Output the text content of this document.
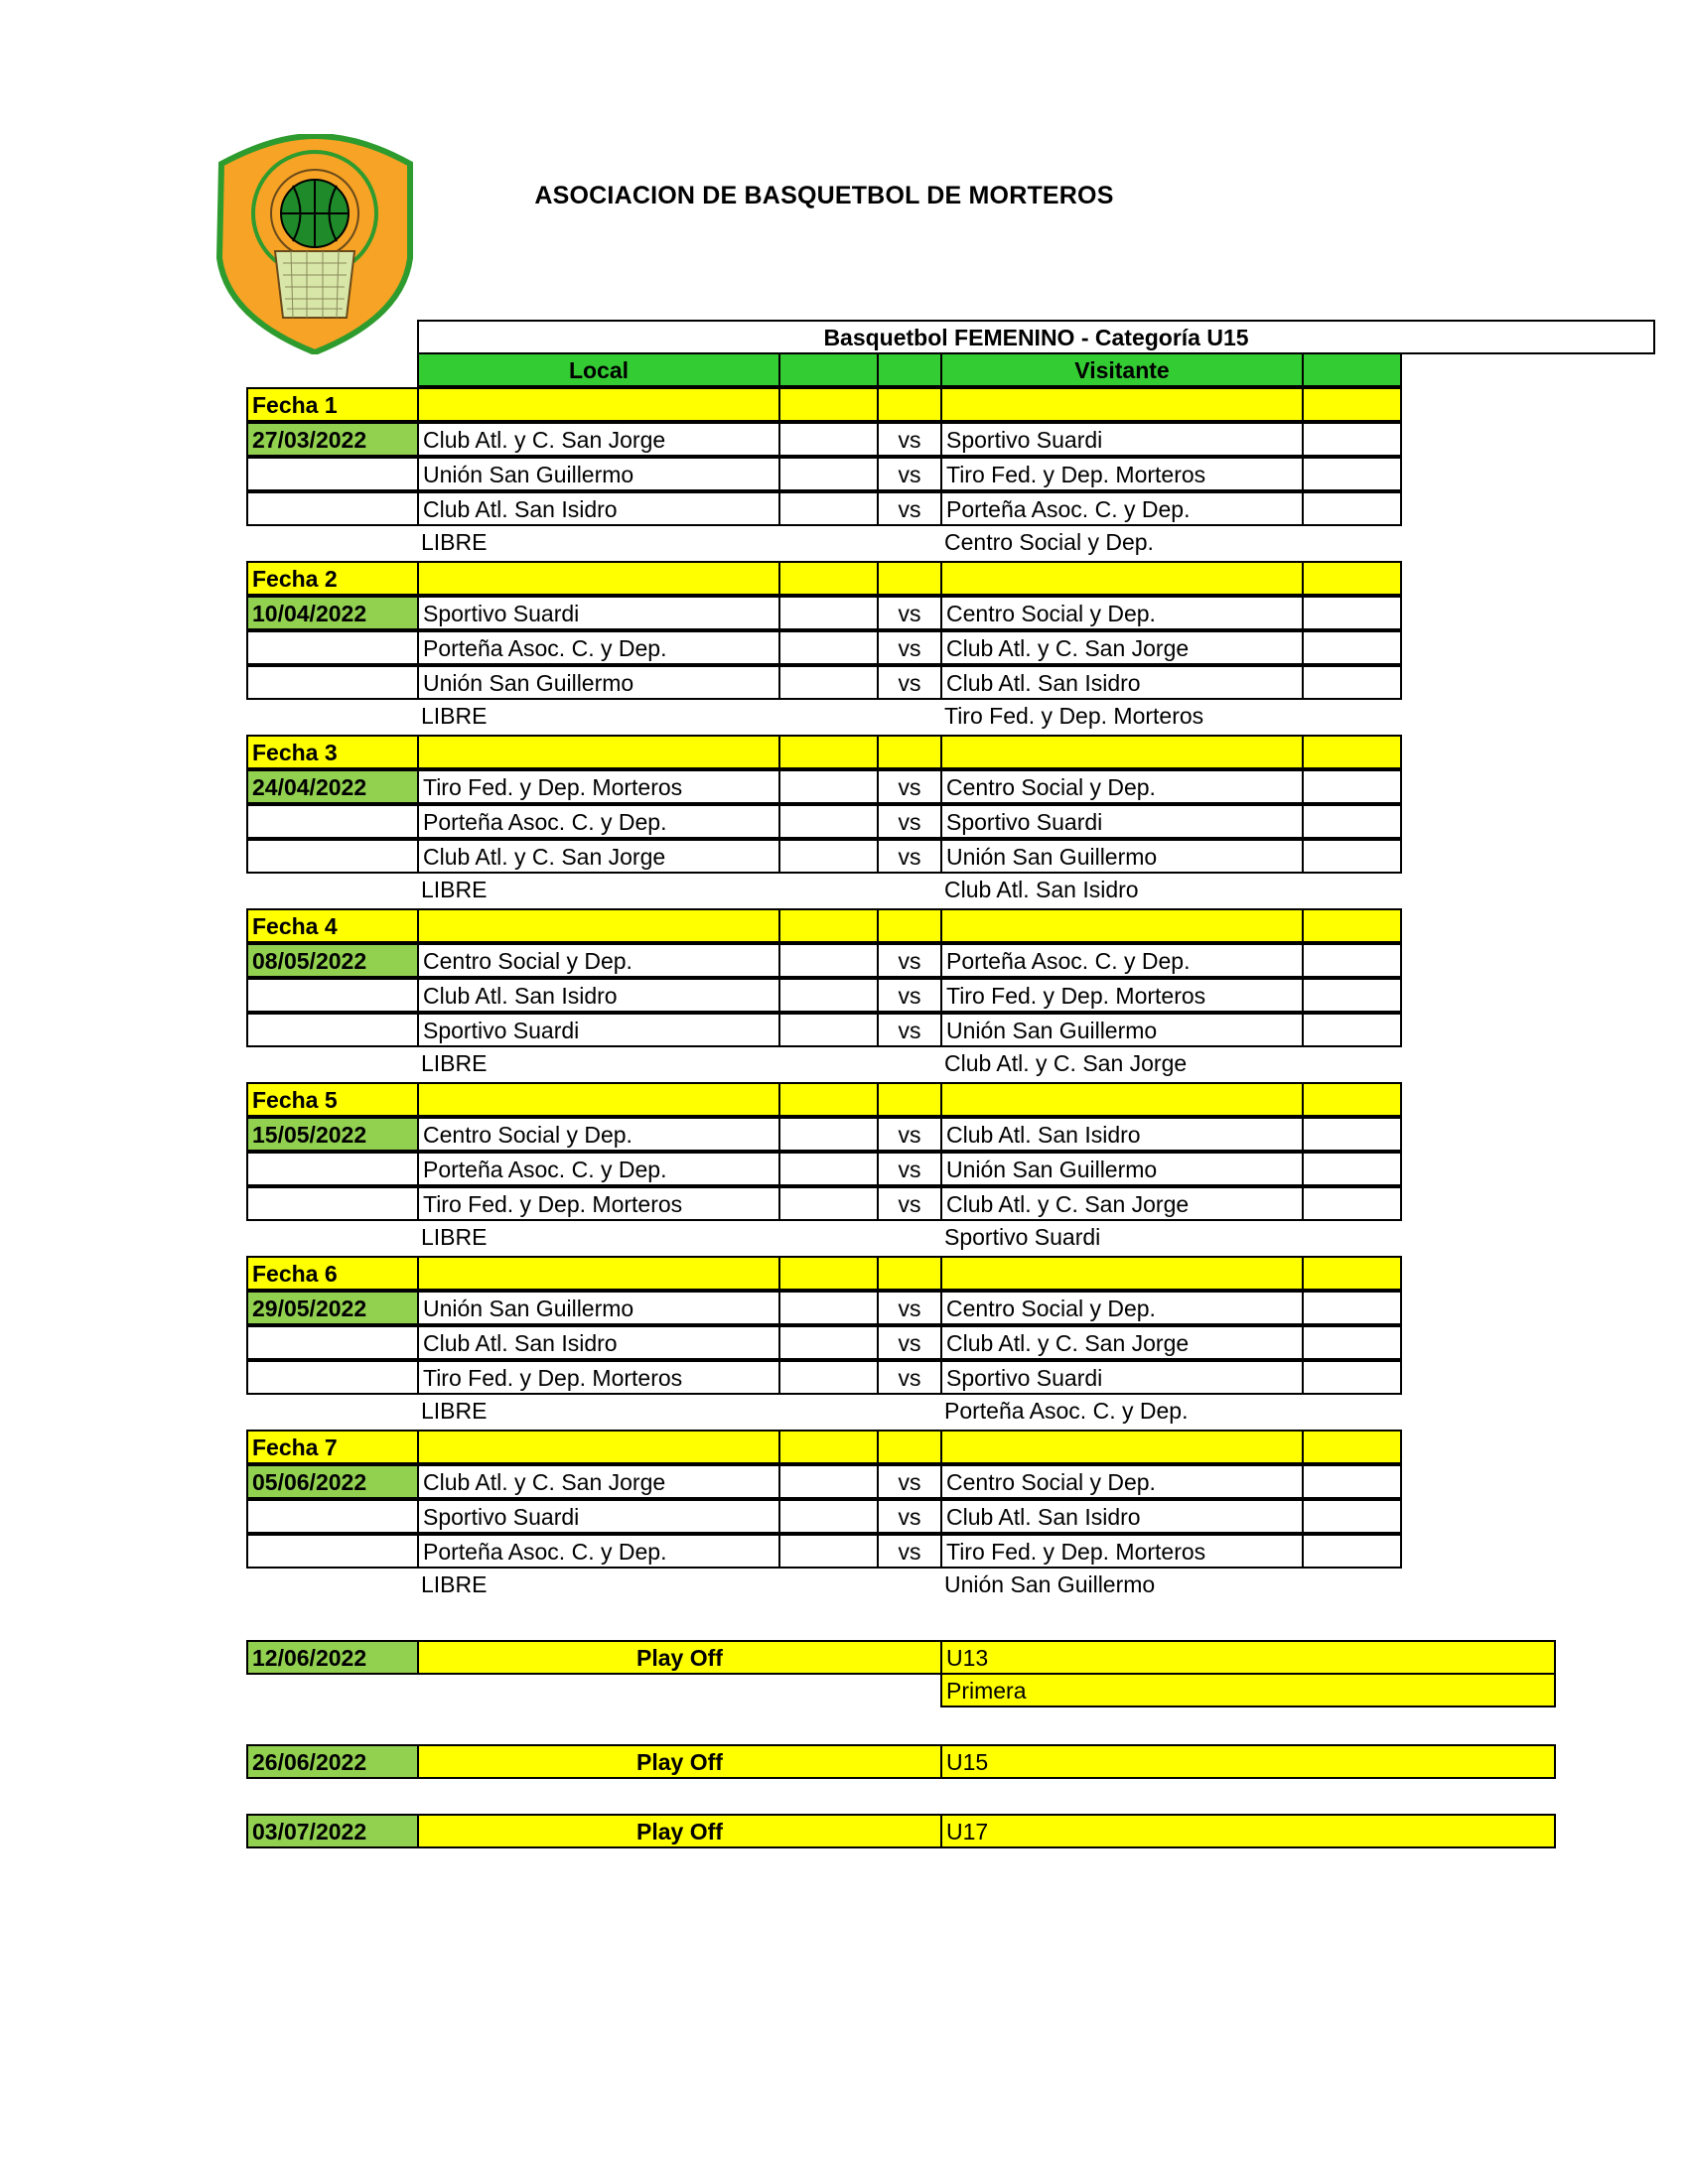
ASOCIACION DE BASQUETBOL DE MORTEROS
Basquetbol FEMENINO - Categoría U15
Local	Visitante
Fecha 1
27/03/2022	Club Atl. y C. San Jorge	vs	Sportivo Suardi
Unión San Guillermo	vs	Tiro Fed. y Dep. Morteros
Club Atl. San Isidro	vs	Porteña Asoc. C. y Dep.
LIBRE	Centro Social y Dep.
Fecha 2
10/04/2022	Sportivo Suardi	vs	Centro Social y Dep.
Porteña Asoc. C. y Dep.	vs	Club Atl. y C. San Jorge
Unión San Guillermo	vs	Club Atl. San Isidro
LIBRE	Tiro Fed. y Dep. Morteros
Fecha 3
24/04/2022	Tiro Fed. y Dep. Morteros	vs	Centro Social y Dep.
Porteña Asoc. C. y Dep.	vs	Sportivo Suardi
Club Atl. y C. San Jorge	vs	Unión San Guillermo
LIBRE	Club Atl. San Isidro
Fecha 4
08/05/2022	Centro Social y Dep.	vs	Porteña Asoc. C. y Dep.
Club Atl. San Isidro	vs	Tiro Fed. y Dep. Morteros
Sportivo Suardi	vs	Unión San Guillermo
LIBRE	Club Atl. y C. San Jorge
Fecha 5
15/05/2022	Centro Social y Dep.	vs	Club Atl. San Isidro
Porteña Asoc. C. y Dep.	vs	Unión San Guillermo
Tiro Fed. y Dep. Morteros	vs	Club Atl. y C. San Jorge
LIBRE	Sportivo Suardi
Fecha 6
29/05/2022	Unión San Guillermo	vs	Centro Social y Dep.
Club Atl. San Isidro	vs	Club Atl. y C. San Jorge
Tiro Fed. y Dep. Morteros	vs	Sportivo Suardi
LIBRE	Porteña Asoc. C. y Dep.
Fecha 7
05/06/2022	Club Atl. y C. San Jorge	vs	Centro Social y Dep.
Sportivo Suardi	vs	Club Atl. San Isidro
Porteña Asoc. C. y Dep.	vs	Tiro Fed. y Dep. Morteros
LIBRE	Unión San Guillermo
12/06/2022	Play Off	U13
Primera
26/06/2022	Play Off	U15
03/07/2022	Play Off	U17
